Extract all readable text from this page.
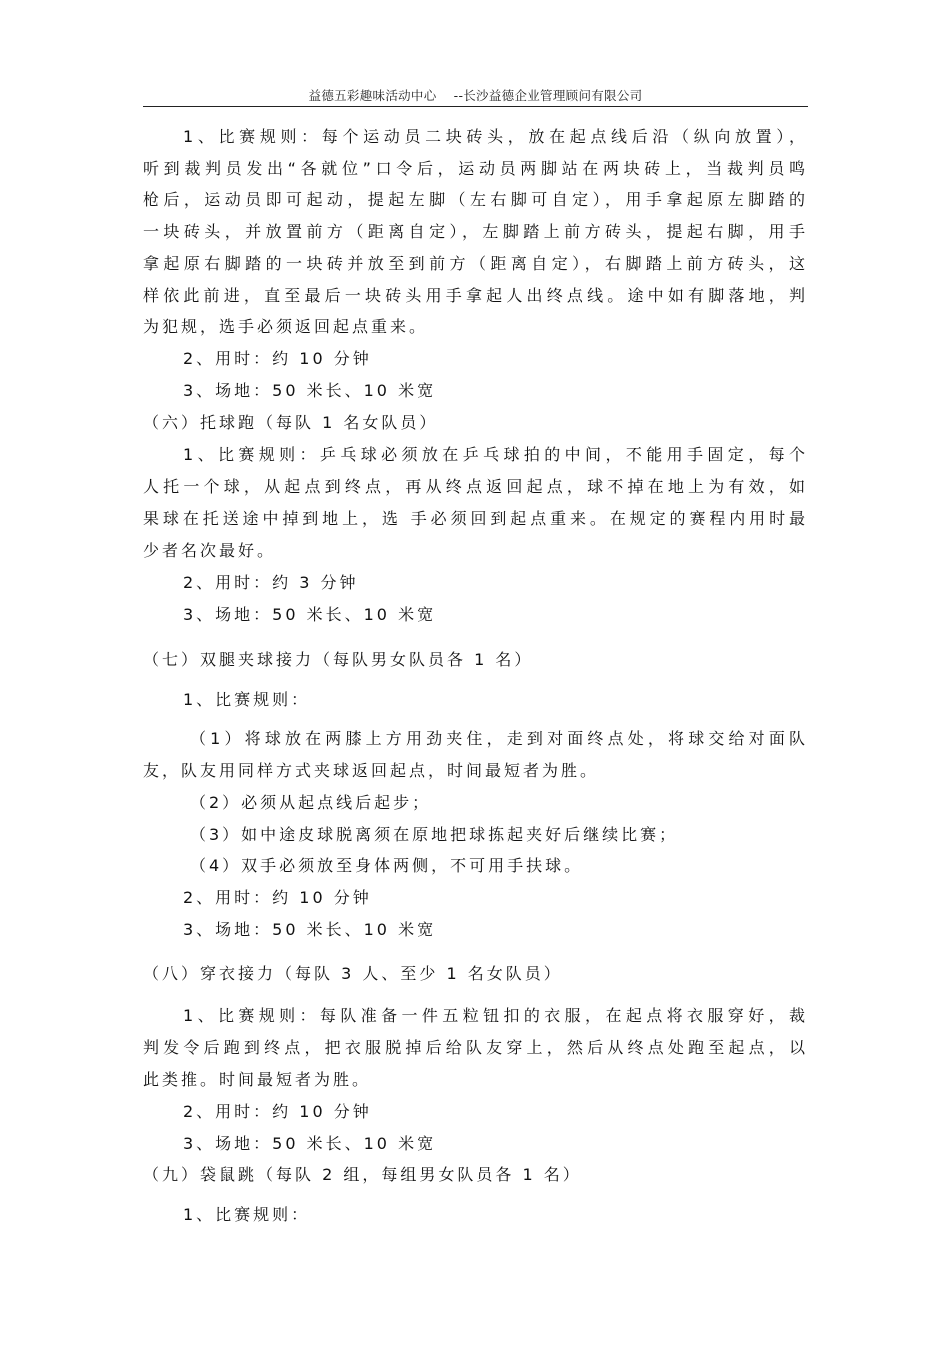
益德五彩趣味活动中心 --长沙益德企业管理顾问有限公司
1、比赛规则：每个运动员二块砖头，放在起点线后沿（纵向放置），
听到裁判员发出“各就位”口令后，运动员两脚站在两块砖上，当裁判员鸣
枪后，运动员即可起动，提起左脚（左右脚可自定），用手拿起原左脚踏的
一块砖头，并放置前方（距离自定），左脚踏上前方砖头，提起右脚，用手
拿起原右脚踏的一块砖并放至到前方（距离自定），右脚踏上前方砖头，这
样依此前进，直至最后一块砖头用手拿起人出终点线。途中如有脚落地，判
为犯规，选手必须返回起点重来。
2、用时：约 10 分钟
3、场地：50 米长、10 米宽
（六）托球跑（每队 1 名女队员）
1、比赛规则：乒乓球必须放在乒乓球拍的中间，不能用手固定，每个
人托一个球，从起点到终点，再从终点返回起点，球不掉在地上为有效，如
果球在托送途中掉到地上，选 手必须回到起点重来。在规定的赛程内用时最
少者名次最好。
2、用时：约 3 分钟
3、场地：50 米长、10 米宽
（七）双腿夹球接力（每队男女队员各 1 名）
1、比赛规则：
（1）将球放在两膝上方用劲夹住，走到对面终点处，将球交给对面队
友，队友用同样方式夹球返回起点，时间最短者为胜。
（2）必须从起点线后起步；
（3）如中途皮球脱离须在原地把球拣起夹好后继续比赛；
（4）双手必须放至身体两侧，不可用手扶球。
2、用时：约 10 分钟
3、场地：50 米长、10 米宽
（八）穿衣接力（每队 3 人、至少 1 名女队员）
1、比赛规则：每队准备一件五粒钮扣的衣服，在起点将衣服穿好，裁
判发令后跑到终点，把衣服脱掉后给队友穿上，然后从终点处跑至起点，以
此类推。时间最短者为胜。
2、用时：约 10 分钟
3、场地：50 米长、10 米宽
（九）袋鼠跳（每队 2 组，每组男女队员各 1 名）
1、比赛规则：
